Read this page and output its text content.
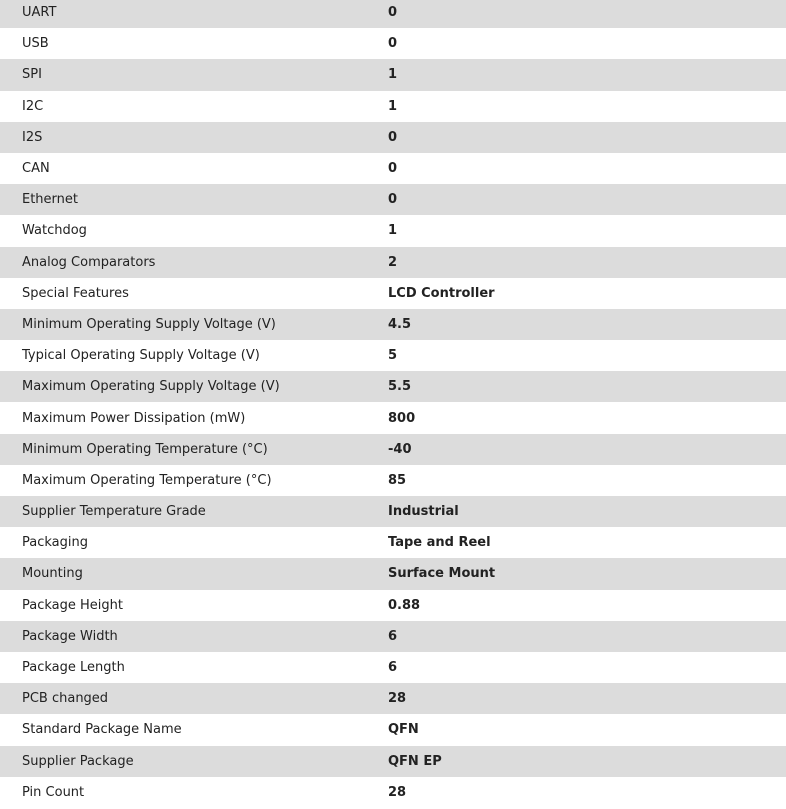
UART	0
USB	0
SPI	1
I2C	1
I2S	0
CAN	0
Ethernet	0
Watchdog	1
Analog Comparators	2
Special Features	LCD Controller
Minimum Operating Supply Voltage (V)	4.5
Typical Operating Supply Voltage (V)	5
Maximum Operating Supply Voltage (V)	5.5
Maximum Power Dissipation (mW)	800
Minimum Operating Temperature (°C)	-40
Maximum Operating Temperature (°C)	85
Supplier Temperature Grade	Industrial
Packaging	Tape and Reel
Mounting	Surface Mount
Package Height	0.88
Package Width	6
Package Length	6
PCB changed	28
Standard Package Name	QFN
Supplier Package	QFN EP
Pin Count	28
